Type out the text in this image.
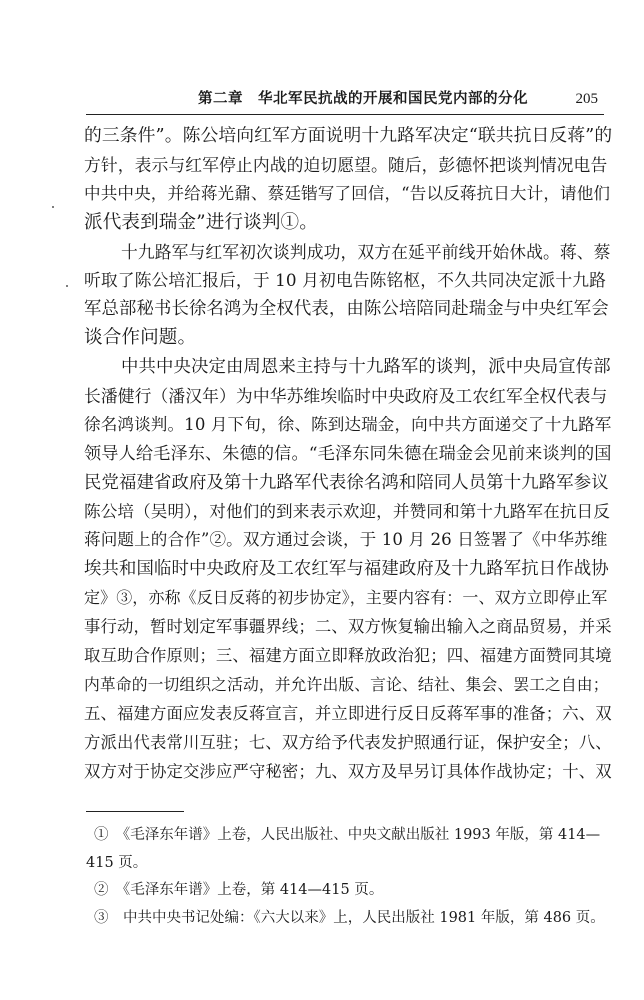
第二章　华北军民抗战的开展和国民党内部的分化	205
的三条件”。陈公培向红军方面说明十九路军决定“联共抗日反蒋”的
方针，表示与红军停止内战的迫切愿望。随后，彭德怀把谈判情况电告
中共中央，并给蒋光鼐、蔡廷锴写了回信，“告以反蒋抗日大计，请他们
派代表到瑞金”进行谈判①。
十九路军与红军初次谈判成功，双方在延平前线开始休战。蒋、蔡
听取了陈公培汇报后，于 10 月初电告陈铭枢，不久共同决定派十九路
军总部秘书长徐名鸿为全权代表，由陈公培陪同赴瑞金与中央红军会
谈合作问题。
中共中央决定由周恩来主持与十九路军的谈判，派中央局宣传部
长潘健行（潘汉年）为中华苏维埃临时中央政府及工农红军全权代表与
徐名鸿谈判。10 月下旬，徐、陈到达瑞金，向中共方面递交了十九路军
领导人给毛泽东、朱德的信。“毛泽东同朱德在瑞金会见前来谈判的国
民党福建省政府及第十九路军代表徐名鸿和陪同人员第十九路军参议
陈公培（吴明），对他们的到来表示欢迎，并赞同和第十九路军在抗日反
蒋问题上的合作”②。双方通过会谈，于 10 月 26 日签署了《中华苏维
埃共和国临时中央政府及工农红军与福建政府及十九路军抗日作战协
定》③，亦称《反日反蒋的初步协定》，主要内容有：一、双方立即停止军
事行动，暂时划定军事疆界线；二、双方恢复输出输入之商品贸易，并采
取互助合作原则；三、福建方面立即释放政治犯；四、福建方面赞同其境
内革命的一切组织之活动，并允许出版、言论、结社、集会、罢工之自由；
五、福建方面应发表反蒋宣言，并立即进行反日反蒋军事的准备；六、双
方派出代表常川互驻；七、双方给予代表发护照通行证，保护安全；八、
双方对于协定交涉应严守秘密；九、双方及早另订具体作战协定；十、双
①　《毛泽东年谱》上卷，人民出版社、中央文献出版社 1993 年版，第 414—
415 页。
②　《毛泽东年谱》上卷，第 414—415 页。
③　中共中央书记处编：《六大以来》上，人民出版社 1981 年版，第 486 页。
